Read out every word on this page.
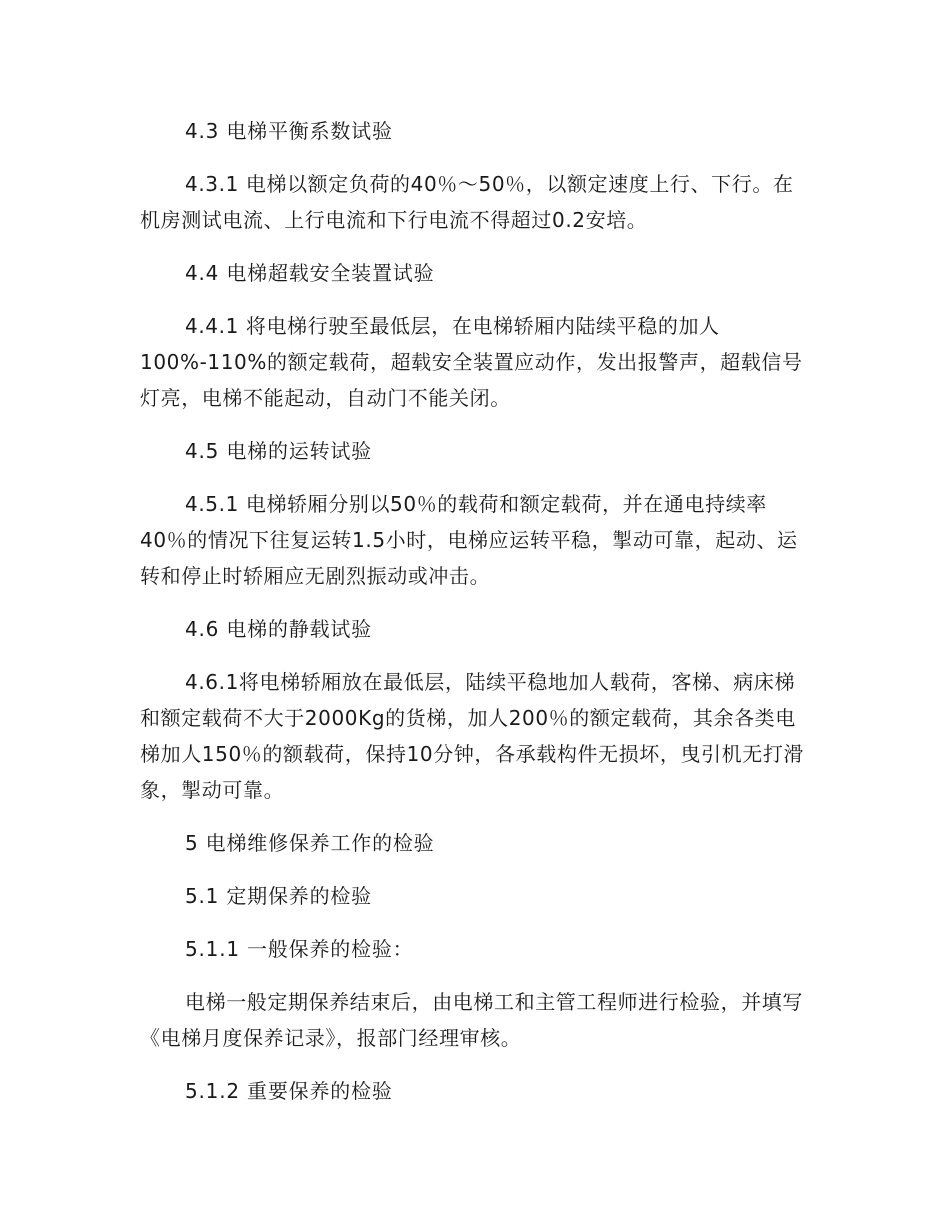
4.3 电梯平衡系数试验

4.3.1 电梯以额定负荷的40％～50％，以额定速度上行、下行。在机房测试电流、上行电流和下行电流不得超过0.2安培。

4.4 电梯超载安全装置试验

4.4.1 将电梯行驶至最低层，在电梯轿厢内陆续平稳的加人100%-110%的额定载荷，超载安全装置应动作，发出报警声，超载信号灯亮，电梯不能起动，自动门不能关闭。

4.5 电梯的运转试验

4.5.1 电梯轿厢分别以50％的载荷和额定载荷，并在通电持续率40％的情况下往复运转1.5小时，电梯应运转平稳，掣动可靠，起动、运转和停止时轿厢应无剧烈振动或冲击。

4.6 电梯的静载试验

4.6.1将电梯轿厢放在最低层，陆续平稳地加人载荷，客梯、病床梯和额定载荷不大于2000Kg的货梯，加人200％的额定载荷，其余各类电梯加人150％的额载荷，保持10分钟，各承载构件无损坏，曳引机无打滑象，掣动可靠。

5 电梯维修保养工作的检验

5.1 定期保养的检验

5.1.1 一般保养的检验：

电梯一般定期保养结束后，由电梯工和主管工程师进行检验，并填写《电梯月度保养记录》，报部门经理审核。

5.1.2 重要保养的检验
